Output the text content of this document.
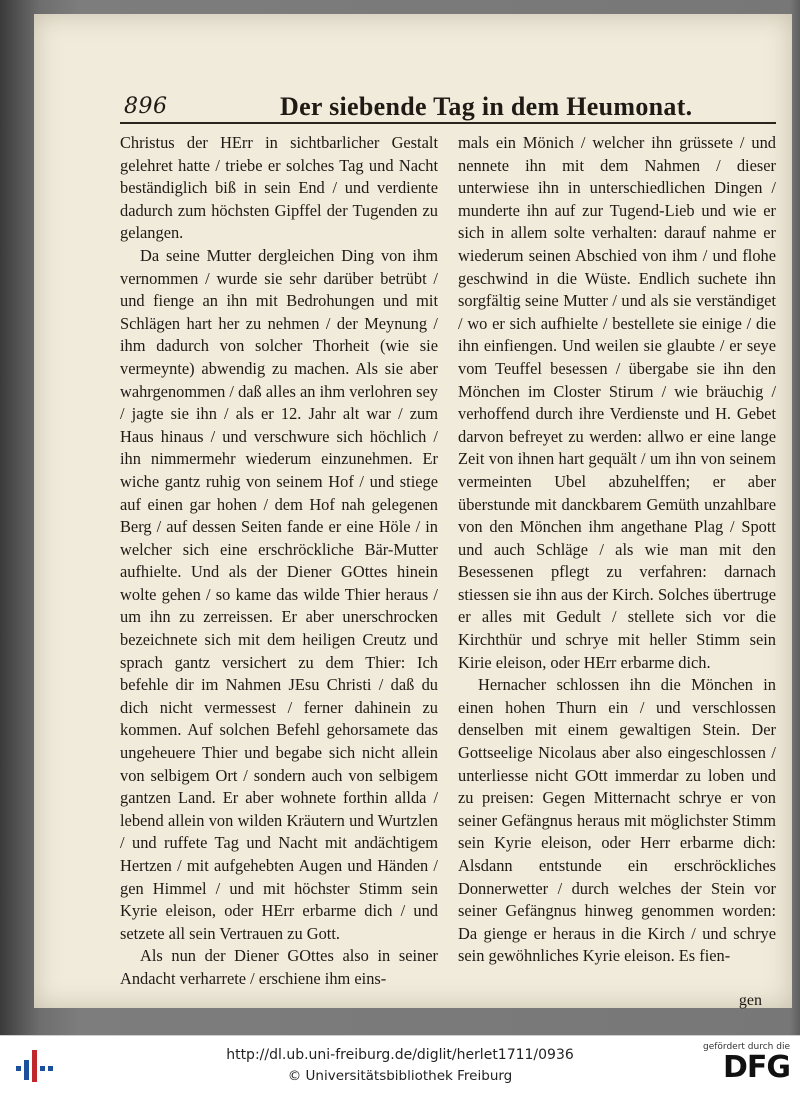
896	Der siebende Tag in dem Heumonat.

Christus der HErr in sichtbarlicher Gestalt gelehret hatte / triebe er solches Tag und Nacht beständiglich biß in sein End / und verdiente dadurch zum höchsten Gipffel der Tugenden zu gelangen.

Da seine Mutter dergleichen Ding von ihm vernommen / wurde sie sehr darüber betrübt / und fienge an ihn mit Bedrohungen und mit Schlägen hart her zu nehmen / der Meynung / ihm dadurch von solcher Thorheit (wie sie vermeynte) abwendig zu machen. Als sie aber wahrgenommen / daß alles an ihm verlohren sey / jagte sie ihn / als er 12. Jahr alt war / zum Haus hinaus / und verschwure sich höchlich / ihn nimmermehr wiederum einzunehmen. Er wiche gantz ruhig von seinem Hof / und stiege auf einen gar hohen / dem Hof nah gelegenen Berg / auf dessen Seiten fande er eine Höle / in welcher sich eine erschröckliche Bär-Mutter aufhielte. Und als der Diener GOttes hinein wolte gehen / so kame das wilde Thier heraus / um ihn zu zerreissen. Er aber unerschrocken bezeichnete sich mit dem heiligen Creutz und sprach gantz versichert zu dem Thier: Ich befehle dir im Nahmen JEsu Christi / daß du dich nicht vermessest / ferner dahinein zu kommen. Auf solchen Befehl gehorsamete das ungeheuere Thier und begabe sich nicht allein von selbigem Ort / sondern auch von selbigem gantzen Land. Er aber wohnete forthin allda / lebend allein von wilden Kräutern und Wurtzlen / und ruffete Tag und Nacht mit andächtigem Hertzen / mit aufgehebten Augen und Händen / gen Himmel / und mit höchster Stimm sein Kyrie eleison, oder HErr erbarme dich / und setzete all sein Vertrauen zu Gott.

Als nun der Diener GOttes also in seiner Andacht verharrete / erschiene ihm eins-

mals ein Mönich / welcher ihn grüssete / und nennete ihn mit dem Nahmen / dieser unterwiese ihn in unterschiedlichen Dingen / munderte ihn auf zur Tugend-Lieb und wie er sich in allem solte verhalten: darauf nahme er wiederum seinen Abschied von ihm / und flohe geschwind in die Wüste. Endlich suchete ihn sorgfältig seine Mutter / und als sie verständiget / wo er sich aufhielte / bestellete sie einige / die ihn einfiengen. Und weilen sie glaubte / er seye vom Teuffel besessen / übergabe sie ihn den Mönchen im Closter Stirum / wie bräuchig / verhoffend durch ihre Verdienste und H. Gebet darvon befreyet zu werden: allwo er eine lange Zeit von ihnen hart gequält / um ihn von seinem vermeinten Ubel abzuhelffen; er aber überstunde mit danckbarem Gemüth unzahlbare von den Mönchen ihm angethane Plag / Spott und auch Schläge / als wie man mit den Besessenen pflegt zu verfahren: darnach stiessen sie ihn aus der Kirch. Solches übertruge er alles mit Gedult / stellete sich vor die Kirchthür und schrye mit heller Stimm sein Kirie eleison, oder HErr erbarme dich.

Hernacher schlossen ihn die Mönchen in einen hohen Thurn ein / und verschlossen denselben mit einem gewaltigen Stein. Der Gottseelige Nicolaus aber also eingeschlossen / unterliesse nicht GOtt immerdar zu loben und zu preisen: Gegen Mitternacht schrye er von seiner Gefängnus heraus mit möglichster Stimm sein Kyrie eleison, oder Herr erbarme dich: Alsdann entstunde ein erschröckliches Donnerwetter / durch welches der Stein vor seiner Gefängnus hinweg genommen worden: Da gienge er heraus in die Kirch / und schrye sein gewöhnliches Kyrie eleison. Es fien-

gen
http://dl.ub.uni-freiburg.de/diglit/herlet1711/0936
© Universitätsbibliothek Freiburg
gefördert durch die
DFG
